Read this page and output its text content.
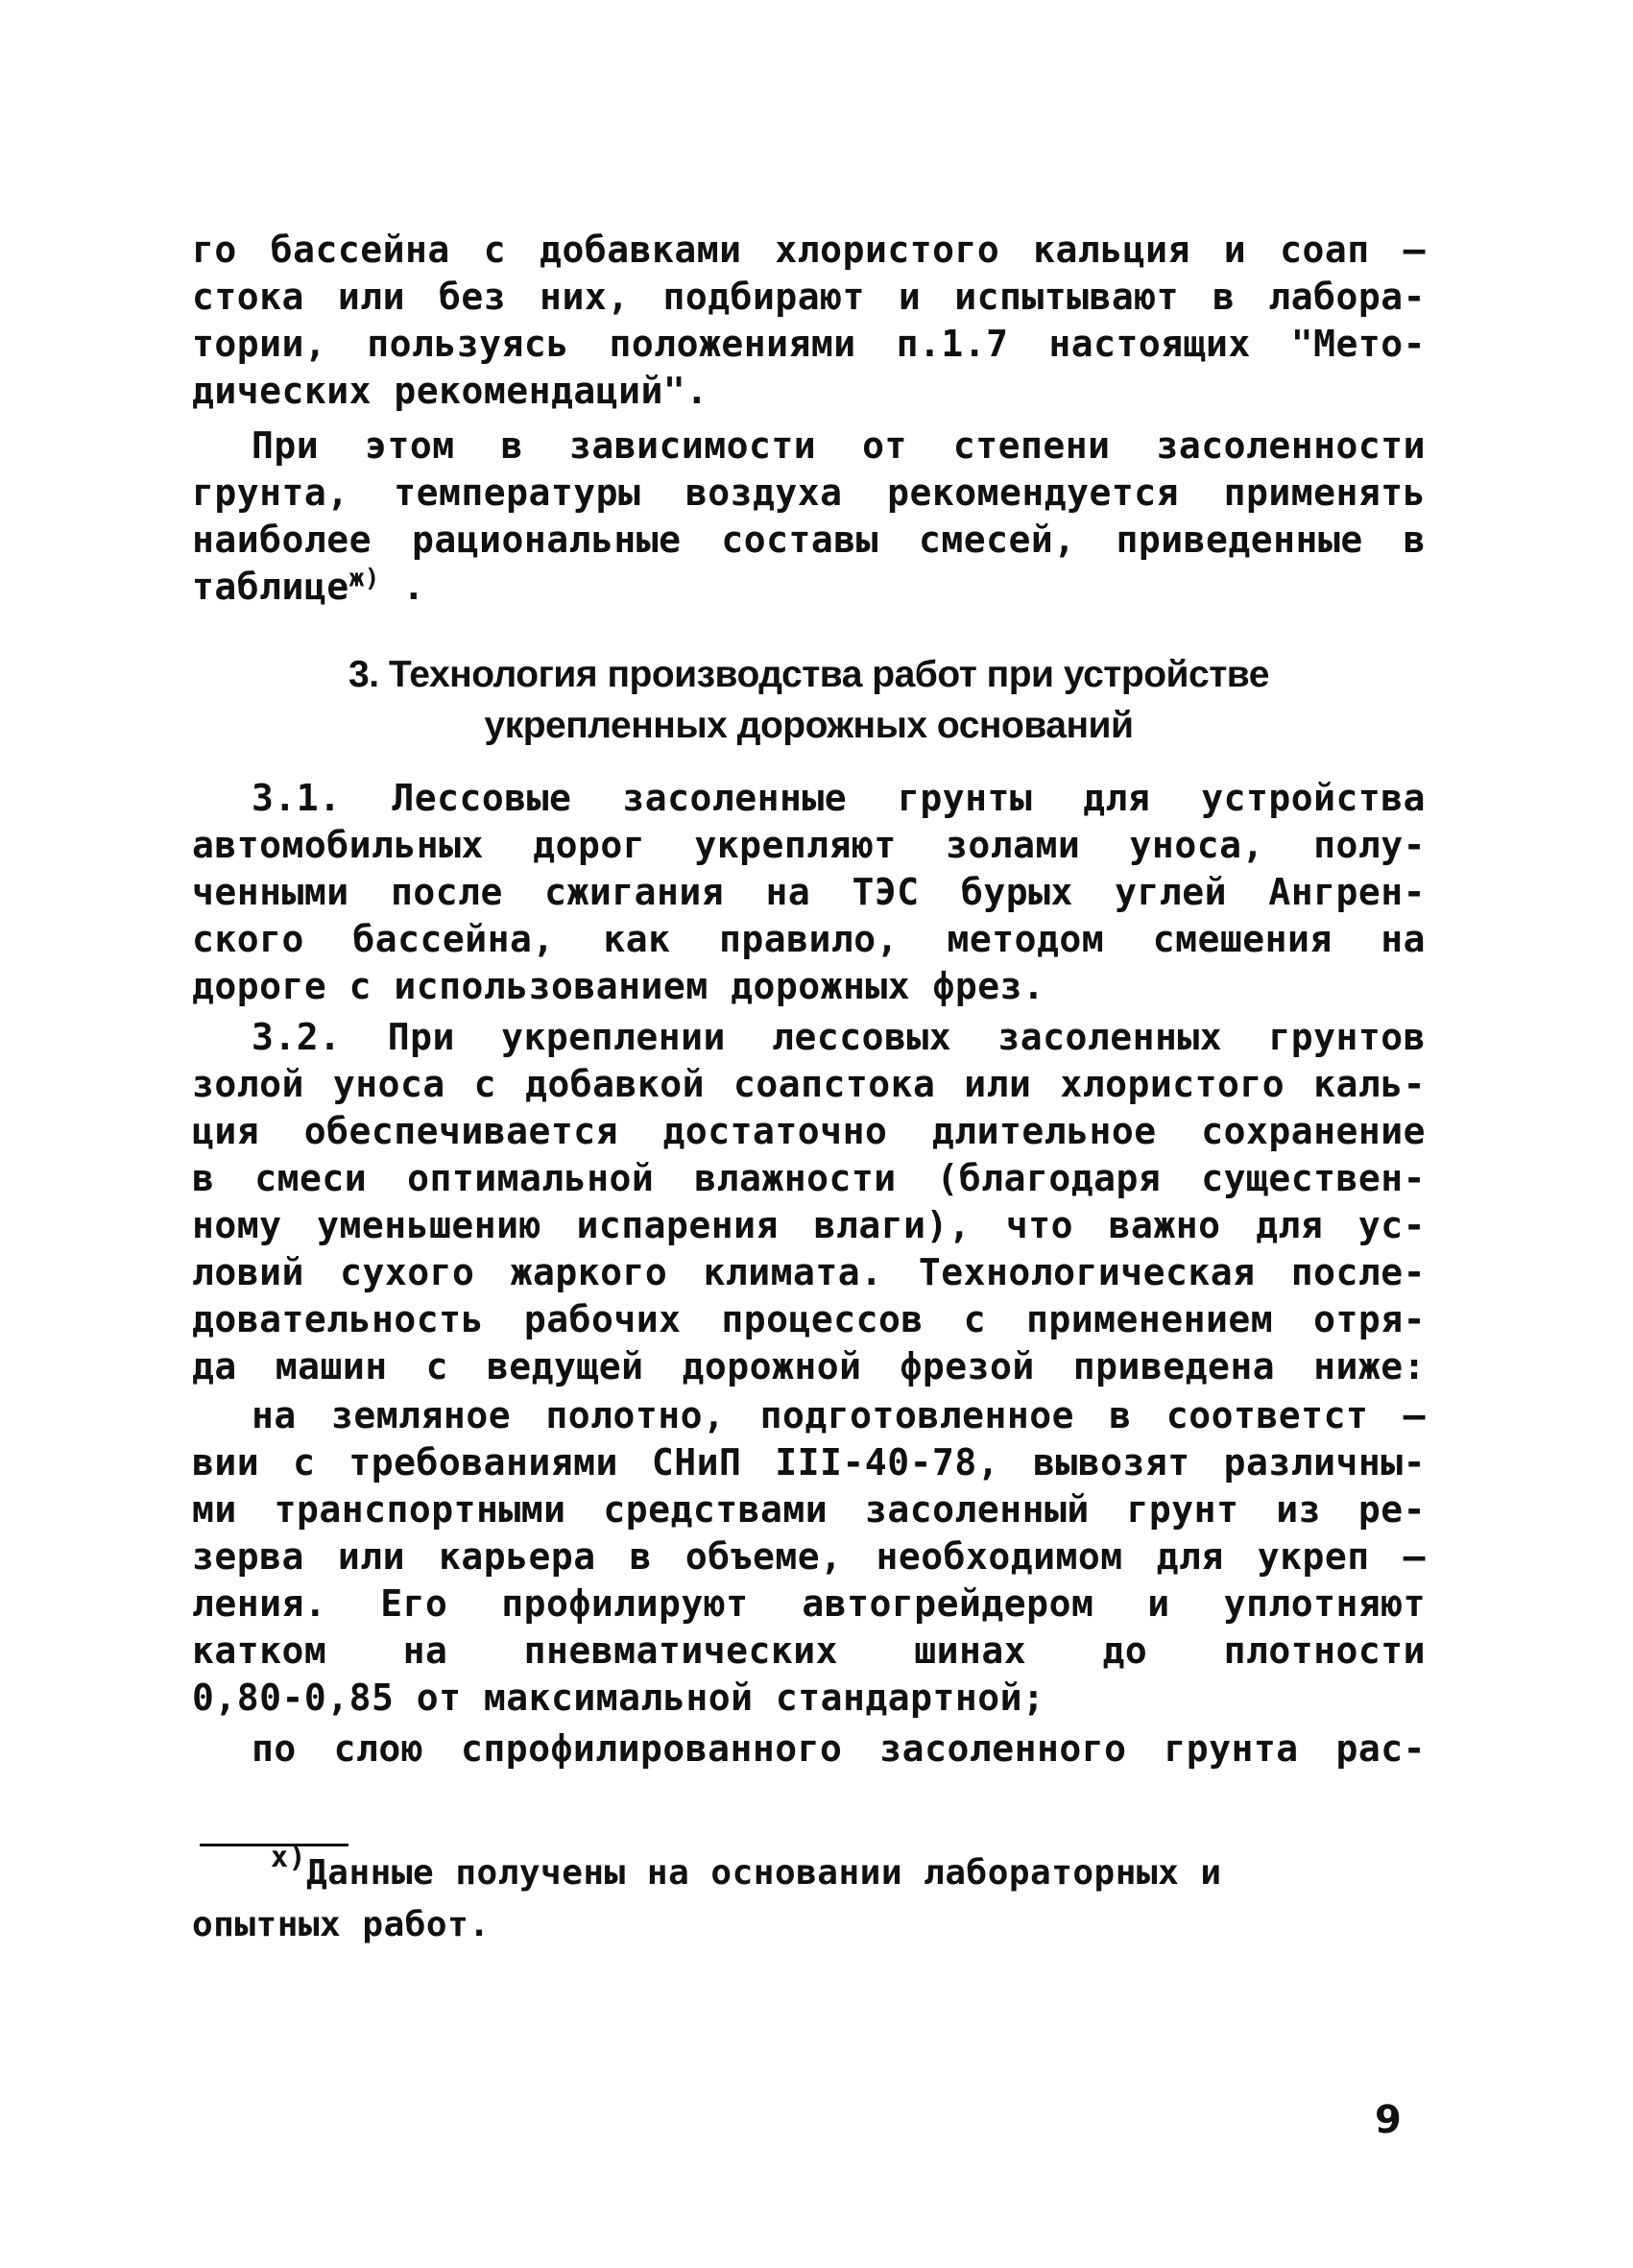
го бассейна с добавками хлористого кальция и соап –
стока или без них, подбирают и испытывают в лабора-
тории, пользуясь положениями п.1.7 настоящих "Мето-
дических рекомендаций".
При этом в зависимости от степени засоленности
грунта, температуры воздуха рекомендуется применять
наиболее рациональные составы смесей, приведенные в
таблице$^{ж)}$ .
3. Технология производства работ при устройстве
укрепленных дорожных оснований
3.1. Лессовые засоленные грунты для устройства
автомобильных дорог укрепляют золами уноса, полу-
ченными после сжигания на ТЭС бурых углей Ангрен-
ского бассейна, как правило, методом смешения на
дороге с использованием дорожных фрез.
3.2. При укреплении лессовых засоленных грунтов
золой уноса с добавкой соапстока или хлористого каль-
ция обеспечивается достаточно длительное сохранение
в смеси оптимальной влажности (благодаря существен-
ному уменьшению испарения влаги), что важно для ус-
ловий сухого жаркого климата. Технологическая после-
довательность рабочих процессов с применением отря-
да машин с ведущей дорожной фрезой приведена ниже:
на земляное полотно, подготовленное в соответст –
вии с требованиями СНиП III-40-78, вывозят различны-
ми транспортными средствами засоленный грунт из ре-
зерва или карьера в объеме, необходимом для укреп –
ления. Его профилируют автогрейдером и уплотняют
катком на пневматических шинах до плотности
0,80-0,85 от максимальной стандартной;
по слою спрофилированного засоленного грунта рас-
$^{x)}$Данные получены на основании лабораторных и
опытных работ.
9
